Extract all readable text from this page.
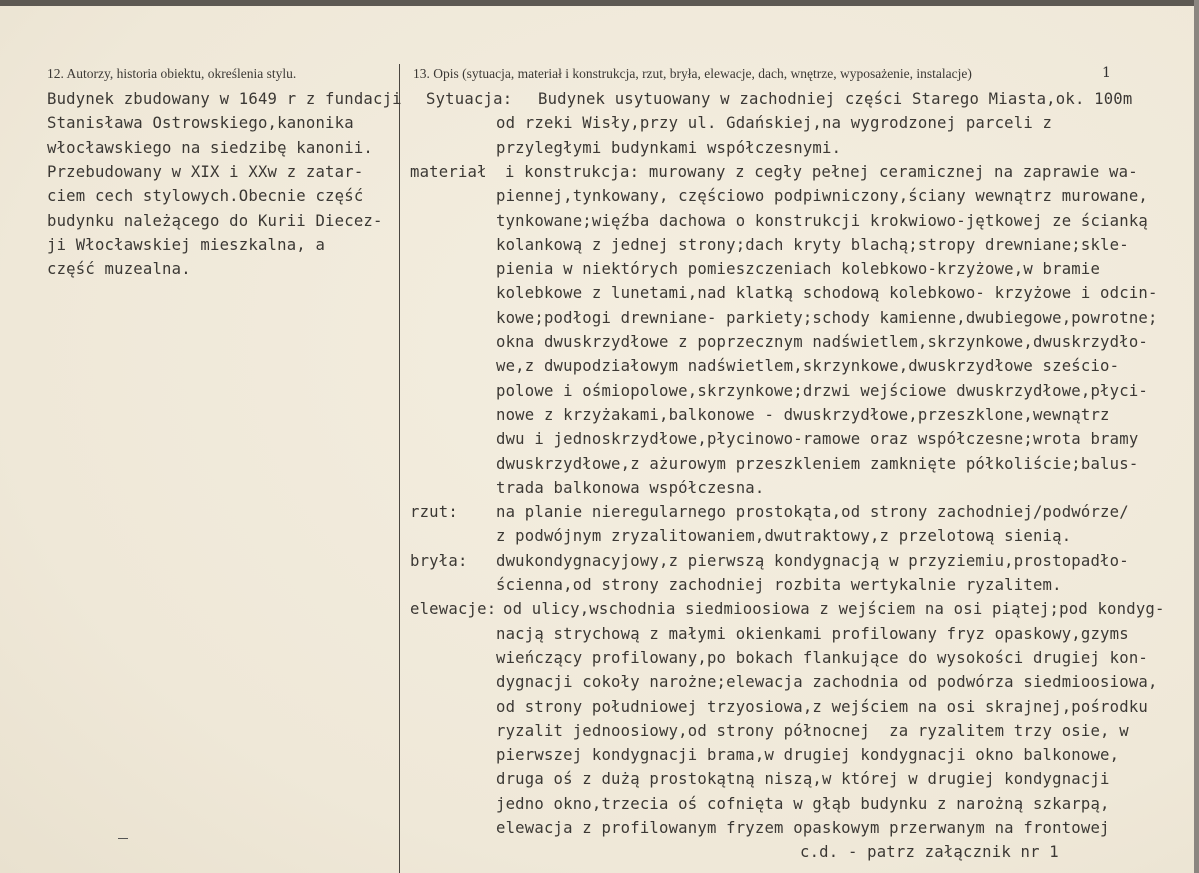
12. Autorzy, historia obiektu, określenia stylu.	13. Opis (sytuacja, materiał i konstrukcja, rzut, bryła, elewacje, dach, wnętrze, wyposażenie, instalacje)	1
Budynek zbudowany w 1649 r z fundacji
Stanisława Ostrowskiego,kanonika
włocławskiego na siedzibę kanonii.
Przebudowany w XIX i XXw z zatar-
ciem cech stylowych.Obecnie część
budynku należącego do Kurii Diecez-
ji Włocławskiej mieszkalna, a
część muzealna.
Sytuacja: Budynek usytuowany w zachodniej części Starego Miasta,ok. 100m
od rzeki Wisły,przy ul. Gdańskiej,na wygrodzonej parceli z
przyległymi budynkami współczesnymi.
materiał i konstrukcja: murowany z cegły pełnej ceramicznej na zaprawie wa-
piennej,tynkowany, częściowo podpiwniczony,ściany wewnątrz murowane,
tynkowane;więźba dachowa o konstrukcji krokwiowo-jętkowej ze ścianką
kolankową z jednej strony;dach kryty blachą;stropy drewniane;skle-
pienia w niektórych pomieszczeniach kolebkowo-krzyżowe,w bramie
kolebkowe z lunetami,nad klatką schodową kolebkowo- krzyżowe i odcin-
kowe;podłogi drewniane- parkiety;schody kamienne,dwubiegowe,powrotne;
okna dwuskrzydłowe z poprzecznym nadświetlem,skrzynkowe,dwuskrzydło-
we,z dwupodziałowym nadświetlem,skrzynkowe,dwuskrzydłowe sześcio-
polowe i ośmiopolowe,skrzynkowe;drzwi wejściowe dwuskrzydłowe,płyci-
nowe z krzyżakami,balkonowe - dwuskrzydłowe,przeszklone,wewnątrz
dwu i jednoskrzydłowe,płycinowo-ramowe oraz współczesne;wrota bramy
dwuskrzydłowe,z ażurowym przeszkleniem zamknięte półkoliście;balus-
trada balkonowa współczesna.
rzut: na planie nieregularnego prostokąta,od strony zachodniej/podwórze/
z podwójnym zryzalitowaniem,dwutraktowy,z przelotową sienią.
bryła: dwukondygnacyjowy,z pierwszą kondygnacją w przyziemiu,prostopadło-
ścienna,od strony zachodniej rozbita wertykalnie ryzalitem.
elewacje: od ulicy,wschodnia siedmioosiowa z wejściem na osi piątej;pod kondyg-
nacją strychową z małymi okienkami profilowany fryz opaskowy,gzyms
wieńczący profilowany,po bokach flankujące do wysokości drugiej kon-
dygnacji cokoły narożne;elewacja zachodnia od podwórza siedmioosiowa,
od strony południowej trzyosiowa,z wejściem na osi skrajnej,pośrodku
ryzalit jednoosiowy,od strony północnej  za ryzalitem trzy osie, w
pierwszej kondygnacji brama,w drugiej kondygnacji okno balkonowe,
druga oś z dużą prostokątną niszą,w której w drugiej kondygnacji
jedno okno,trzecia oś cofnięta w głąb budynku z narożną szkarpą,
elewacja z profilowanym fryzem opaskowym przerwanym na frontowej
c.d. - patrz załącznik nr 1
